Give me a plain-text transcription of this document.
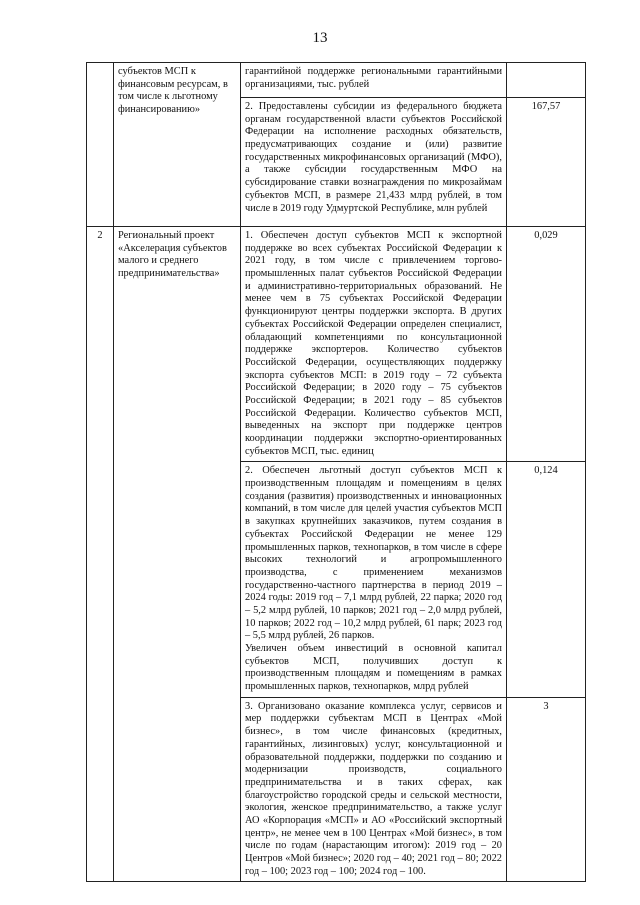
13
	субъектов МСП к финансовым ресурсам, в том числе к льготному финансированию»	гарантийной поддержке региональными гарантийными организациями, тыс. рублей	

		2. Предоставлены субсидии из федерального бюджета органам государственной власти субъектов Российской Федерации на исполнение расходных обязательств, предусматривающих создание и (или) развитие государственных микрофинансовых организаций (МФО), а также субсидии государственным МФО на субсидирование ставки вознаграждения по микрозаймам субъектов МСП, в размере 21,433 млрд рублей, в том числе в 2019 году Удмуртской Республике, млн рублей	167,57
2	Региональный проект «Акселерация субъектов малого и среднего предпринимательства»	1. Обеспечен доступ субъектов МСП к экспортной поддержке во всех субъектах Российской Федерации к 2021 году, в том числе с привлечением торгово-промышленных палат субъектов Российской Федерации и административно-территориальных образований. Не менее чем в 75 субъектах Российской Федерации функционируют центры поддержки экспорта. В других субъектах Российской Федерации определен специалист, обладающий компетенциями по консультационной поддержке экспортеров. Количество субъектов Российской Федерации, осуществляющих поддержку экспорта субъектов МСП: в 2019 году – 72 субъекта Российской Федерации; в 2020 году – 75 субъектов Российской Федерации; в 2021 году – 85 субъектов Российской Федерации. Количество субъектов МСП, выведенных на экспорт при поддержке центров координации поддержки экспортно-ориентированных субъектов МСП, тыс. единиц	0,029

		2. Обеспечен льготный доступ субъектов МСП к производственным площадям и помещениям в целях создания (развития) производственных и инновационных компаний, в том числе для целей участия субъектов МСП в закупках крупнейших заказчиков, путем создания в субъектах Российской Федерации не менее 129 промышленных парков, технопарков, в том числе в сфере высоких технологий и агропромышленного производства, с применением механизмов государственно-частного партнерства в период 2019 – 2024 годы: 2019 год – 7,1 млрд рублей, 22 парка; 2020 год – 5,2 млрд рублей, 10 парков; 2021 год – 2,0 млрд рублей, 10 парков; 2022 год – 10,2 млрд рублей, 61 парк; 2023 год – 5,5 млрд рублей, 26 парков.

Увеличен объем инвестиций в основной капитал субъектов МСП, получивших доступ к производственным площадям и помещениям в рамках промышленных парков, технопарков, млрд рублей	0,124

		3. Организовано оказание комплекса услуг, сервисов и мер поддержки субъектам МСП в Центрах «Мой бизнес», в том числе финансовых (кредитных, гарантийных, лизинговых) услуг, консультационной и образовательной поддержки, поддержки по созданию и модернизации производств, социального предпринимательства и в таких сферах, как благоустройство городской среды и сельской местности, экология, женское предпринимательство, а также услуг АО «Корпорация «МСП» и АО «Российский экспортный центр», не менее чем в 100 Центрах «Мой бизнес», в том числе по годам (нарастающим итогом): 2019 год – 20 Центров «Мой бизнес»; 2020 год – 40; 2021 год – 80; 2022 год – 100; 2023 год – 100; 2024 год – 100.	3
